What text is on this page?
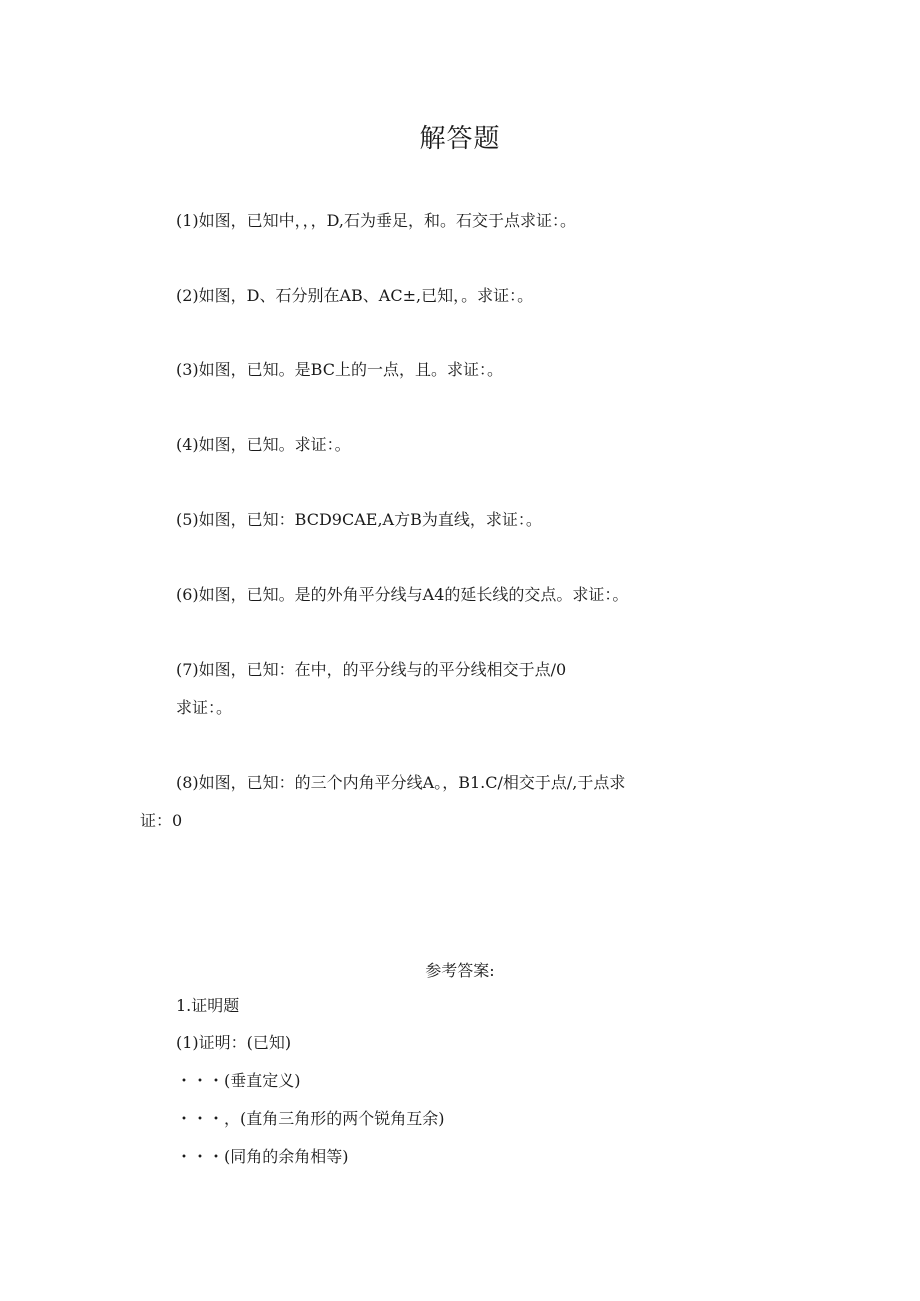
解答题
(1)如图，已知中，，，D,石为垂足，和。石交于点求证：。
(2)如图，D、石分别在AB、AC±,已知，。求证：。
(3)如图，已知。是BC上的一点，且。求证：。
(4)如图，已知。求证：。
(5)如图，已知：BCD9CAE,A方B为直线，求证：。
(6)如图，已知。是的外角平分线与A4的延长线的交点。求证：。
(7)如图，已知：在中，的平分线与的平分线相交于点/0
求证：。
(8)如图，已知：的三个内角平分线A。，B1.C/相交于点/,于点求
证：0
参考答案:
1.证明题
(1)证明：(已知)
・・・(垂直定义)
・・・，(直角三角形的两个锐角互余)
・・・(同角的余角相等)
